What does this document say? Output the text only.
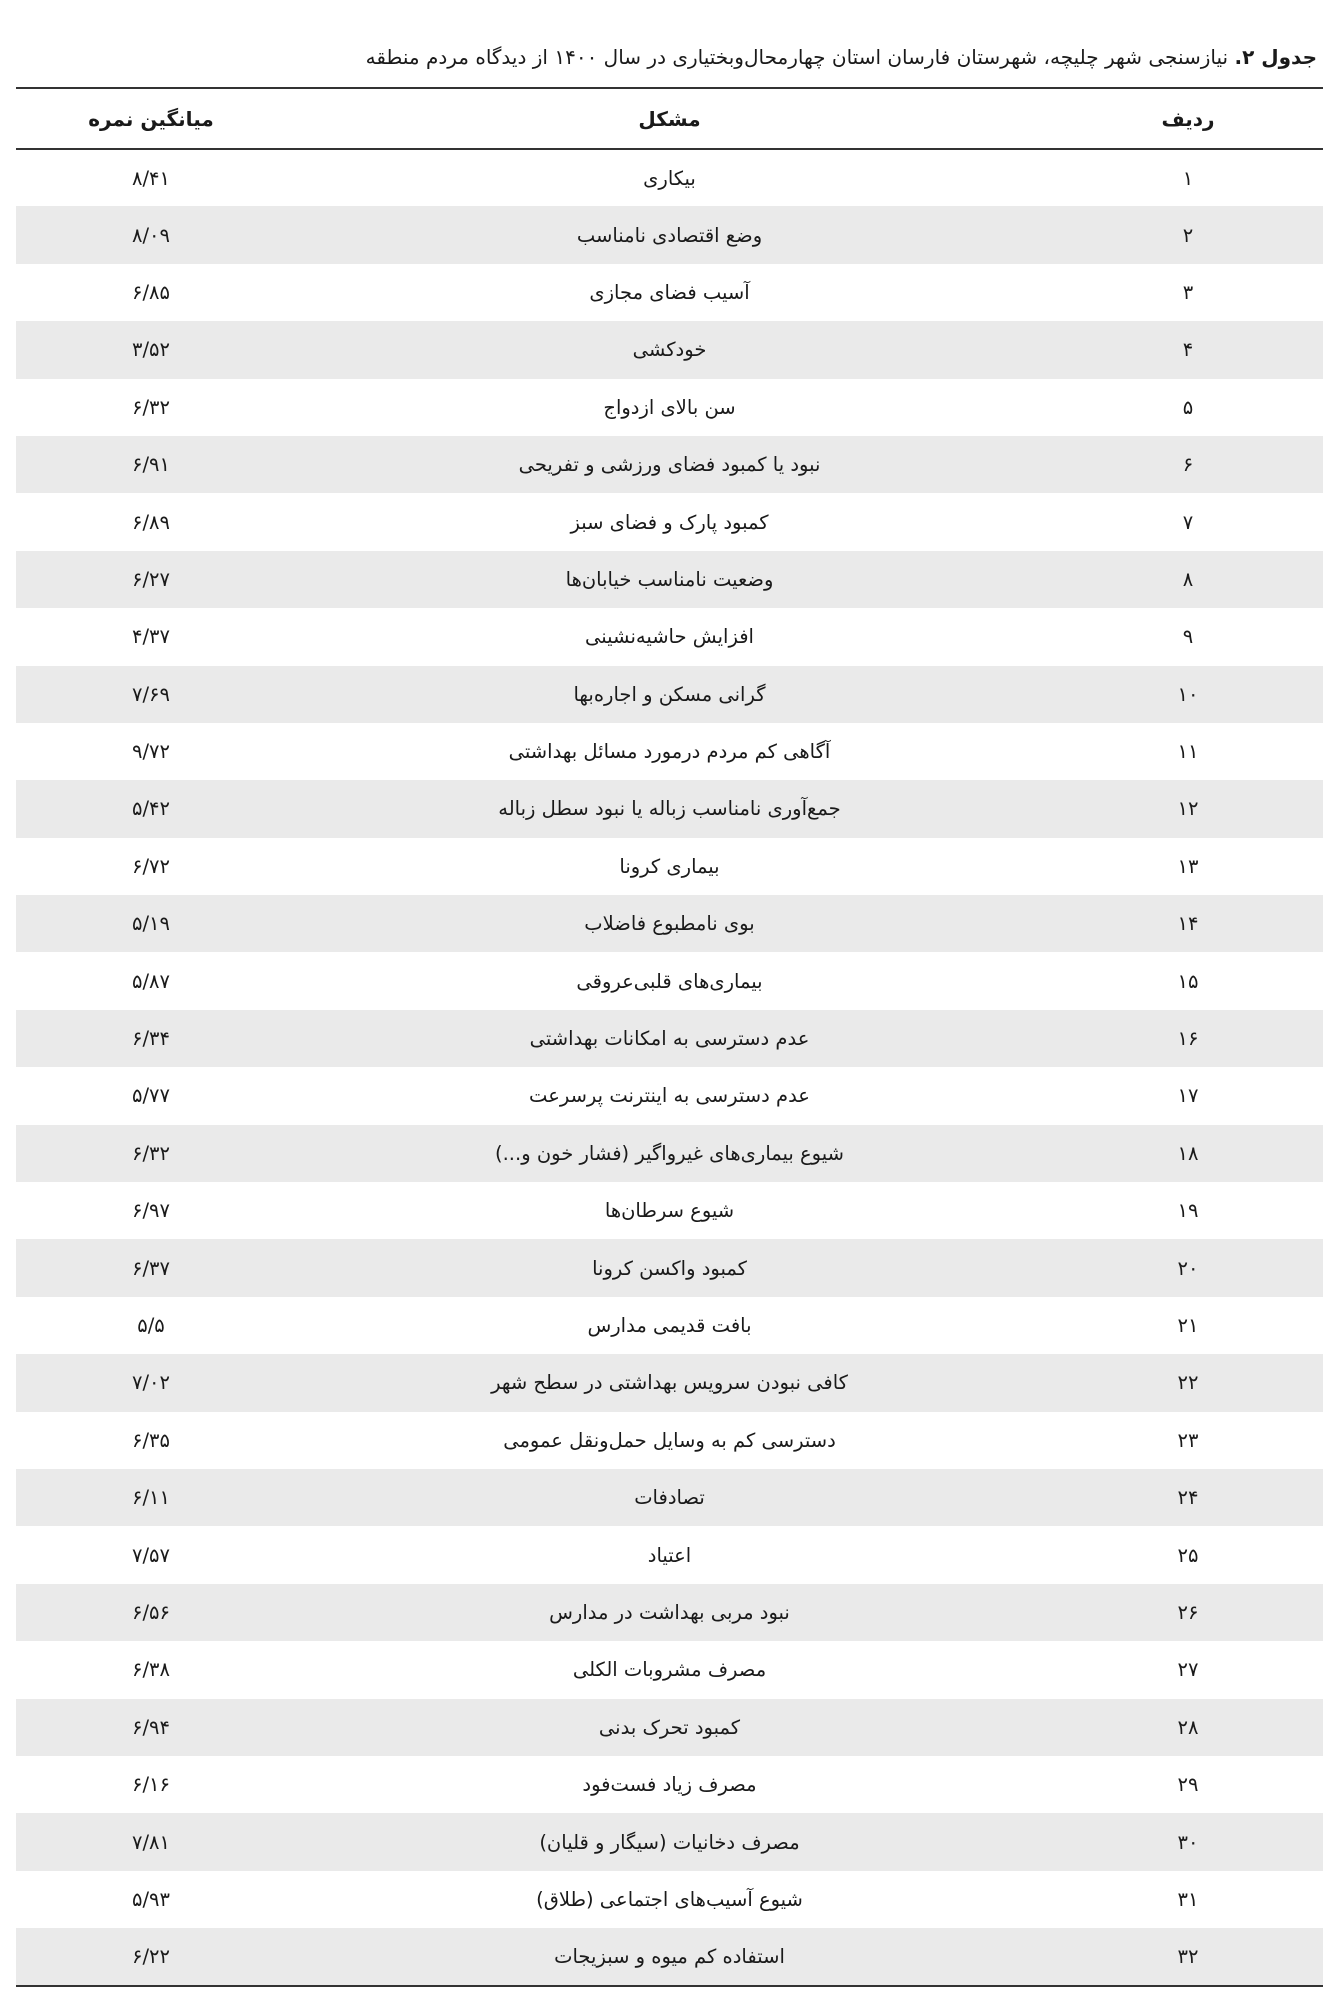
جدول ۲. نیازسنجی شهر چلیچه، شهرستان فارسان استان چهارمحال‌وبختیاری در سال ۱۴۰۰ از دیدگاه مردم منطقه
ردیف	مشکل	میانگین نمره
۱	بیکاری	۸/۴۱
۲	وضع اقتصادی نامناسب	۸/۰۹
۳	آسیب فضای مجازی	۶/۸۵
۴	خودکشی	۳/۵۲
۵	سن بالای ازدواج	۶/۳۲
۶	نبود یا کمبود فضای ورزشی و تفریحی	۶/۹۱
۷	کمبود پارک و فضای سبز	۶/۸۹
۸	وضعیت نامناسب خیابان‌ها	۶/۲۷
۹	افزایش حاشیه‌نشینی	۴/۳۷
۱۰	گرانی مسکن و اجاره‌بها	۷/۶۹
۱۱	آگاهی کم مردم درمورد مسائل بهداشتی	۹/۷۲
۱۲	جمع‌آوری نامناسب زباله یا نبود سطل زباله	۵/۴۲
۱۳	بیماری کرونا	۶/۷۲
۱۴	بوی نامطبوع فاضلاب	۵/۱۹
۱۵	بیماری‌های قلبی‌عروقی	۵/۸۷
۱۶	عدم دسترسی به امکانات بهداشتی	۶/۳۴
۱۷	عدم دسترسی به اینترنت پرسرعت	۵/۷۷
۱۸	شیوع بیماری‌های غیرواگیر (فشار خون و...)	۶/۳۲
۱۹	شیوع سرطان‌ها	۶/۹۷
۲۰	کمبود واکسن کرونا	۶/۳۷
۲۱	بافت قدیمی مدارس	۵/۵
۲۲	کافی نبودن سرویس بهداشتی در سطح شهر	۷/۰۲
۲۳	دسترسی کم به وسایل حمل‌ونقل عمومی	۶/۳۵
۲۴	تصادفات	۶/۱۱
۲۵	اعتیاد	۷/۵۷
۲۶	نبود مربی بهداشت در مدارس	۶/۵۶
۲۷	مصرف مشروبات الکلی	۶/۳۸
۲۸	کمبود تحرک بدنی	۶/۹۴
۲۹	مصرف زیاد فست‌فود	۶/۱۶
۳۰	مصرف دخانیات (سیگار و قلیان)	۷/۸۱
۳۱	شیوع آسیب‌های اجتماعی (طلاق)	۵/۹۳
۳۲	استفاده کم میوه و سبزیجات	۶/۲۲
